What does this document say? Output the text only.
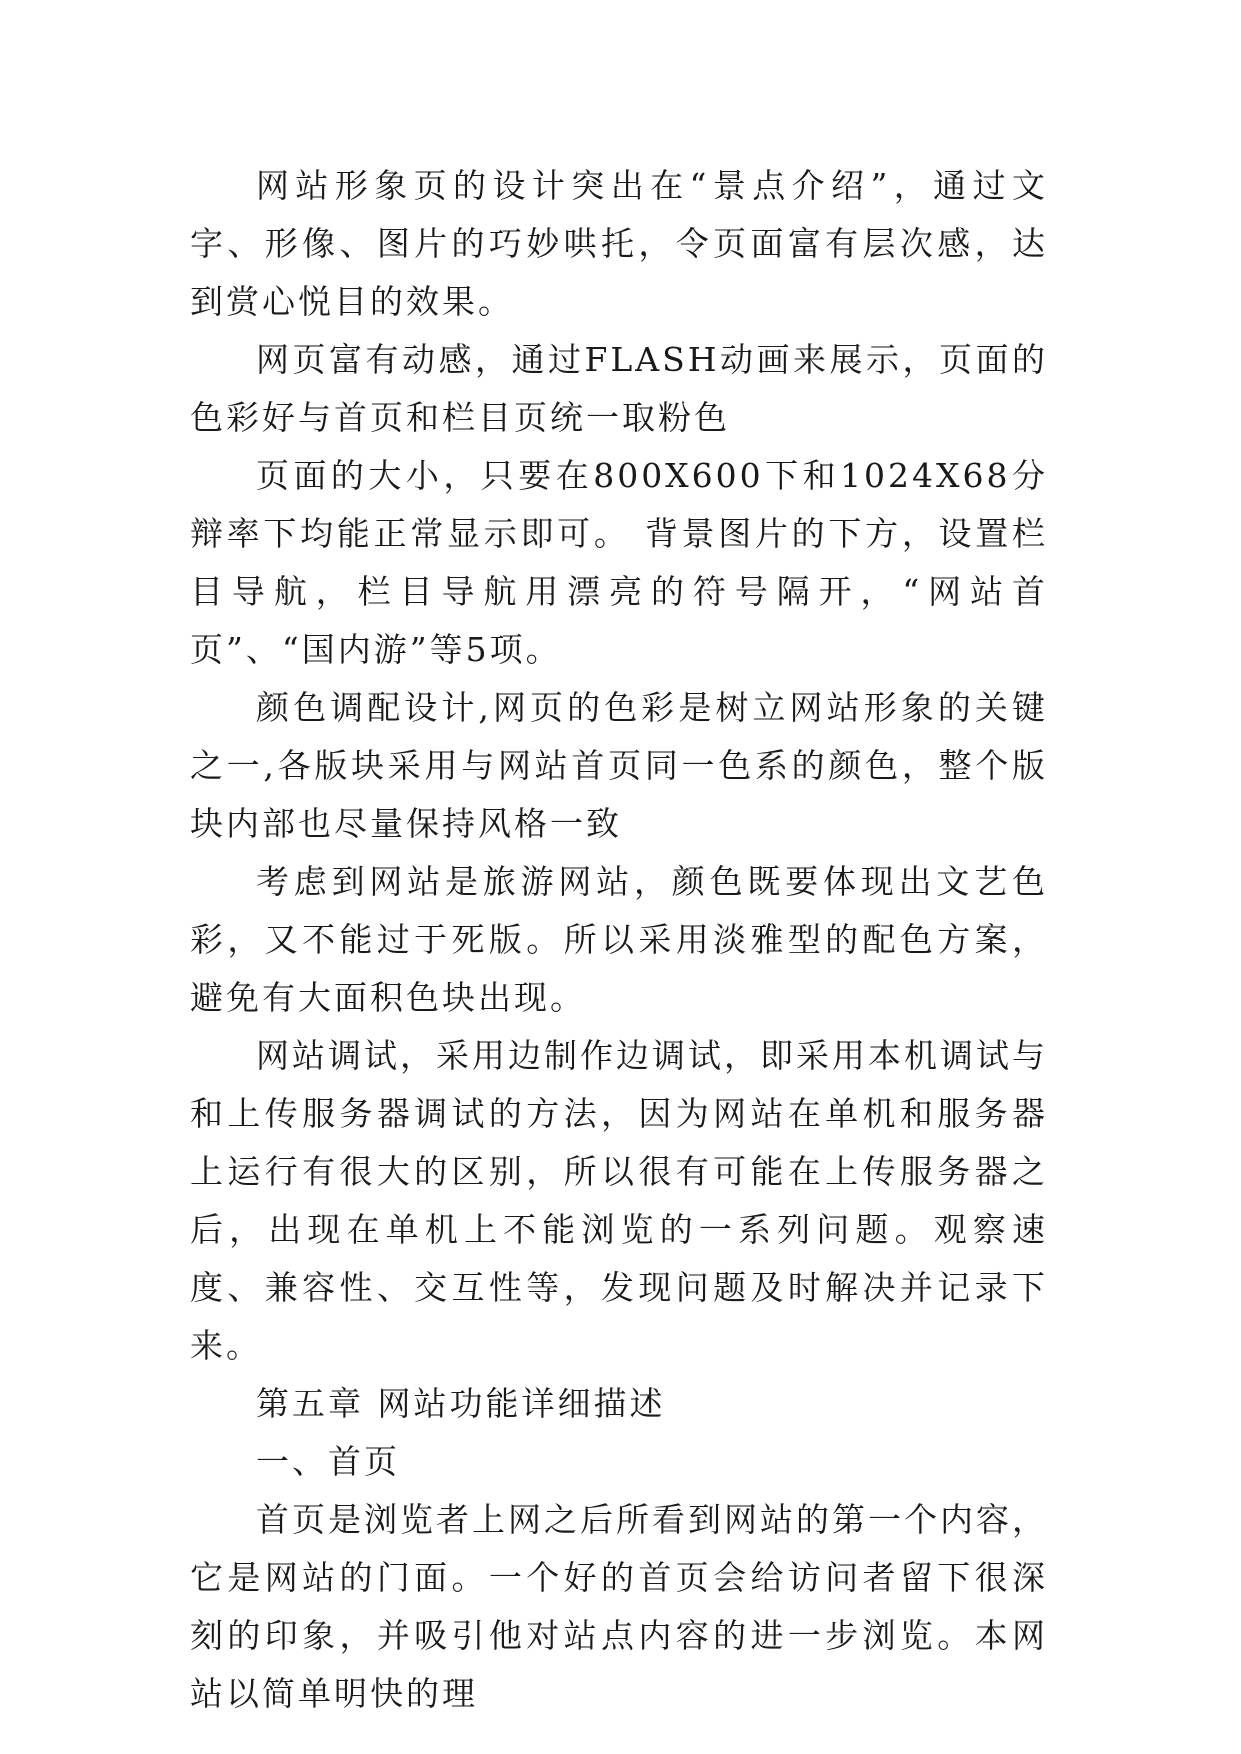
网站形象页的设计突出在“景点介绍”，通过文字、形像、图片的巧妙哄托，令页面富有层次感，达到赏心悦目的效果。

网页富有动感，通过FLASH动画来展示，页面的色彩好与首页和栏目页统一取粉色

页面的大小，只要在800X600下和1024X68分辩率下均能正常显示即可。 背景图片的下方，设置栏目导航，栏目导航用漂亮的符号隔开，“网站首页”、“国内游”等5项。

颜色调配设计,网页的色彩是树立网站形象的关键之一,各版块采用与网站首页同一色系的颜色，整个版块内部也尽量保持风格一致

考虑到网站是旅游网站，颜色既要体现出文艺色彩，又不能过于死版。所以采用淡雅型的配色方案，避免有大面积色块出现。

网站调试，采用边制作边调试，即采用本机调试与和上传服务器调试的方法，因为网站在单机和服务器上运行有很大的区别，所以很有可能在上传服务器之后，出现在单机上不能浏览的一系列问题。观察速度、兼容性、交互性等，发现问题及时解决并记录下来。

第五章 网站功能详细描述

一、首页

首页是浏览者上网之后所看到网站的第一个内容，它是网站的门面。一个好的首页会给访问者留下很深刻的印象，并吸引他对站点内容的进一步浏览。本网站以简单明快的理
